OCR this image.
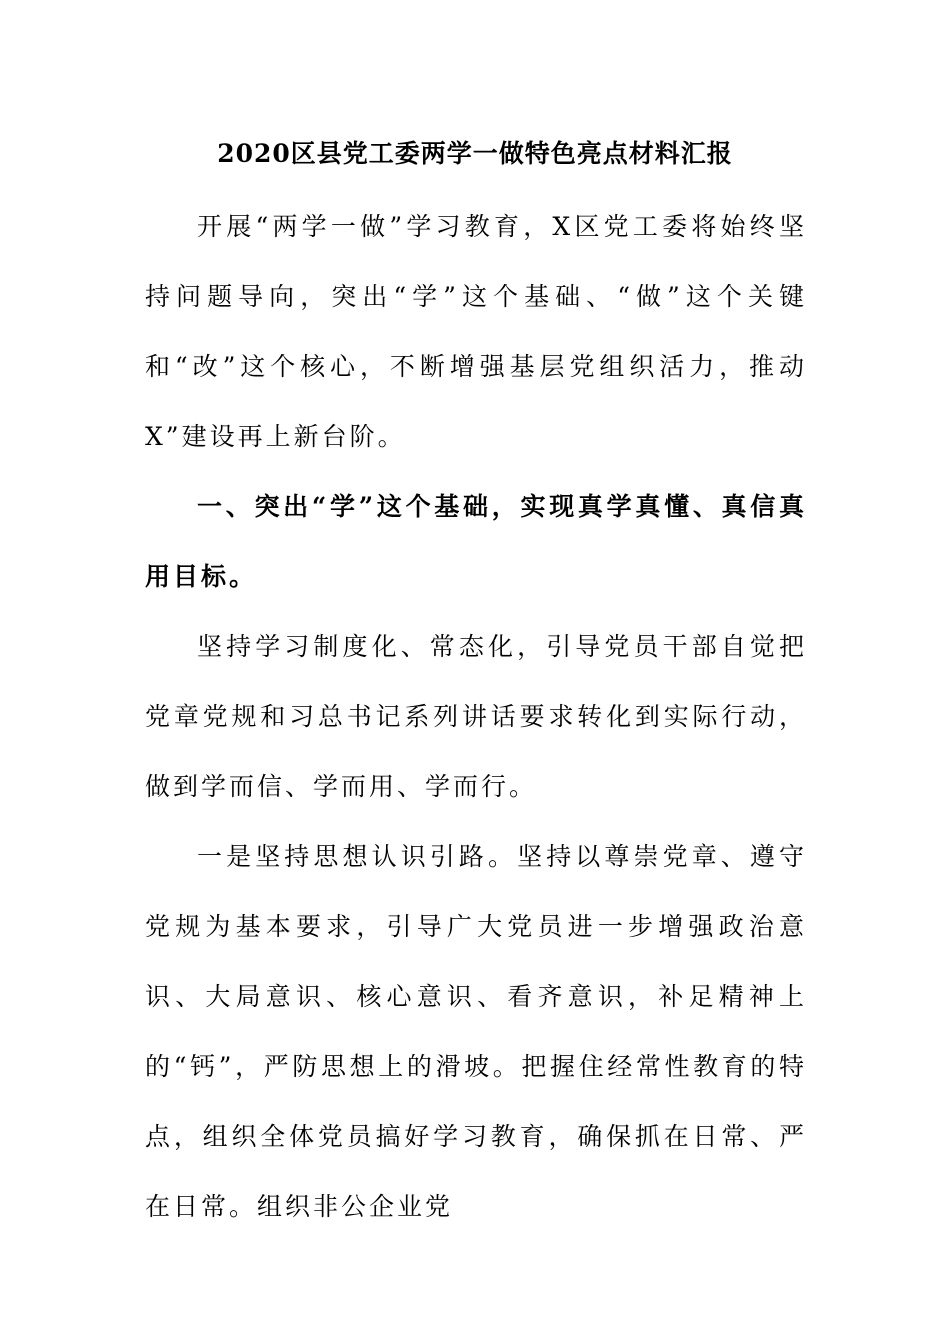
2020区县党工委两学一做特色亮点材料汇报

开展“两学一做”学习教育，X区党工委将始终坚持问题导向，突出“学”这个基础、“做”这个关键和“改”这个核心，不断增强基层党组织活力，推动X”建设再上新台阶。

一、突出“学”这个基础，实现真学真懂、真信真用目标。

坚持学习制度化、常态化，引导党员干部自觉把党章党规和习总书记系列讲话要求转化到实际行动，做到学而信、学而用、学而行。

一是坚持思想认识引路。坚持以尊崇党章、遵守党规为基本要求，引导广大党员进一步增强政治意识、大局意识、核心意识、看齐意识，补足精神上的“钙”，严防思想上的滑坡。把握住经常性教育的特点，组织全体党员搞好学习教育，确保抓在日常、严在日常。组织非公企业党
